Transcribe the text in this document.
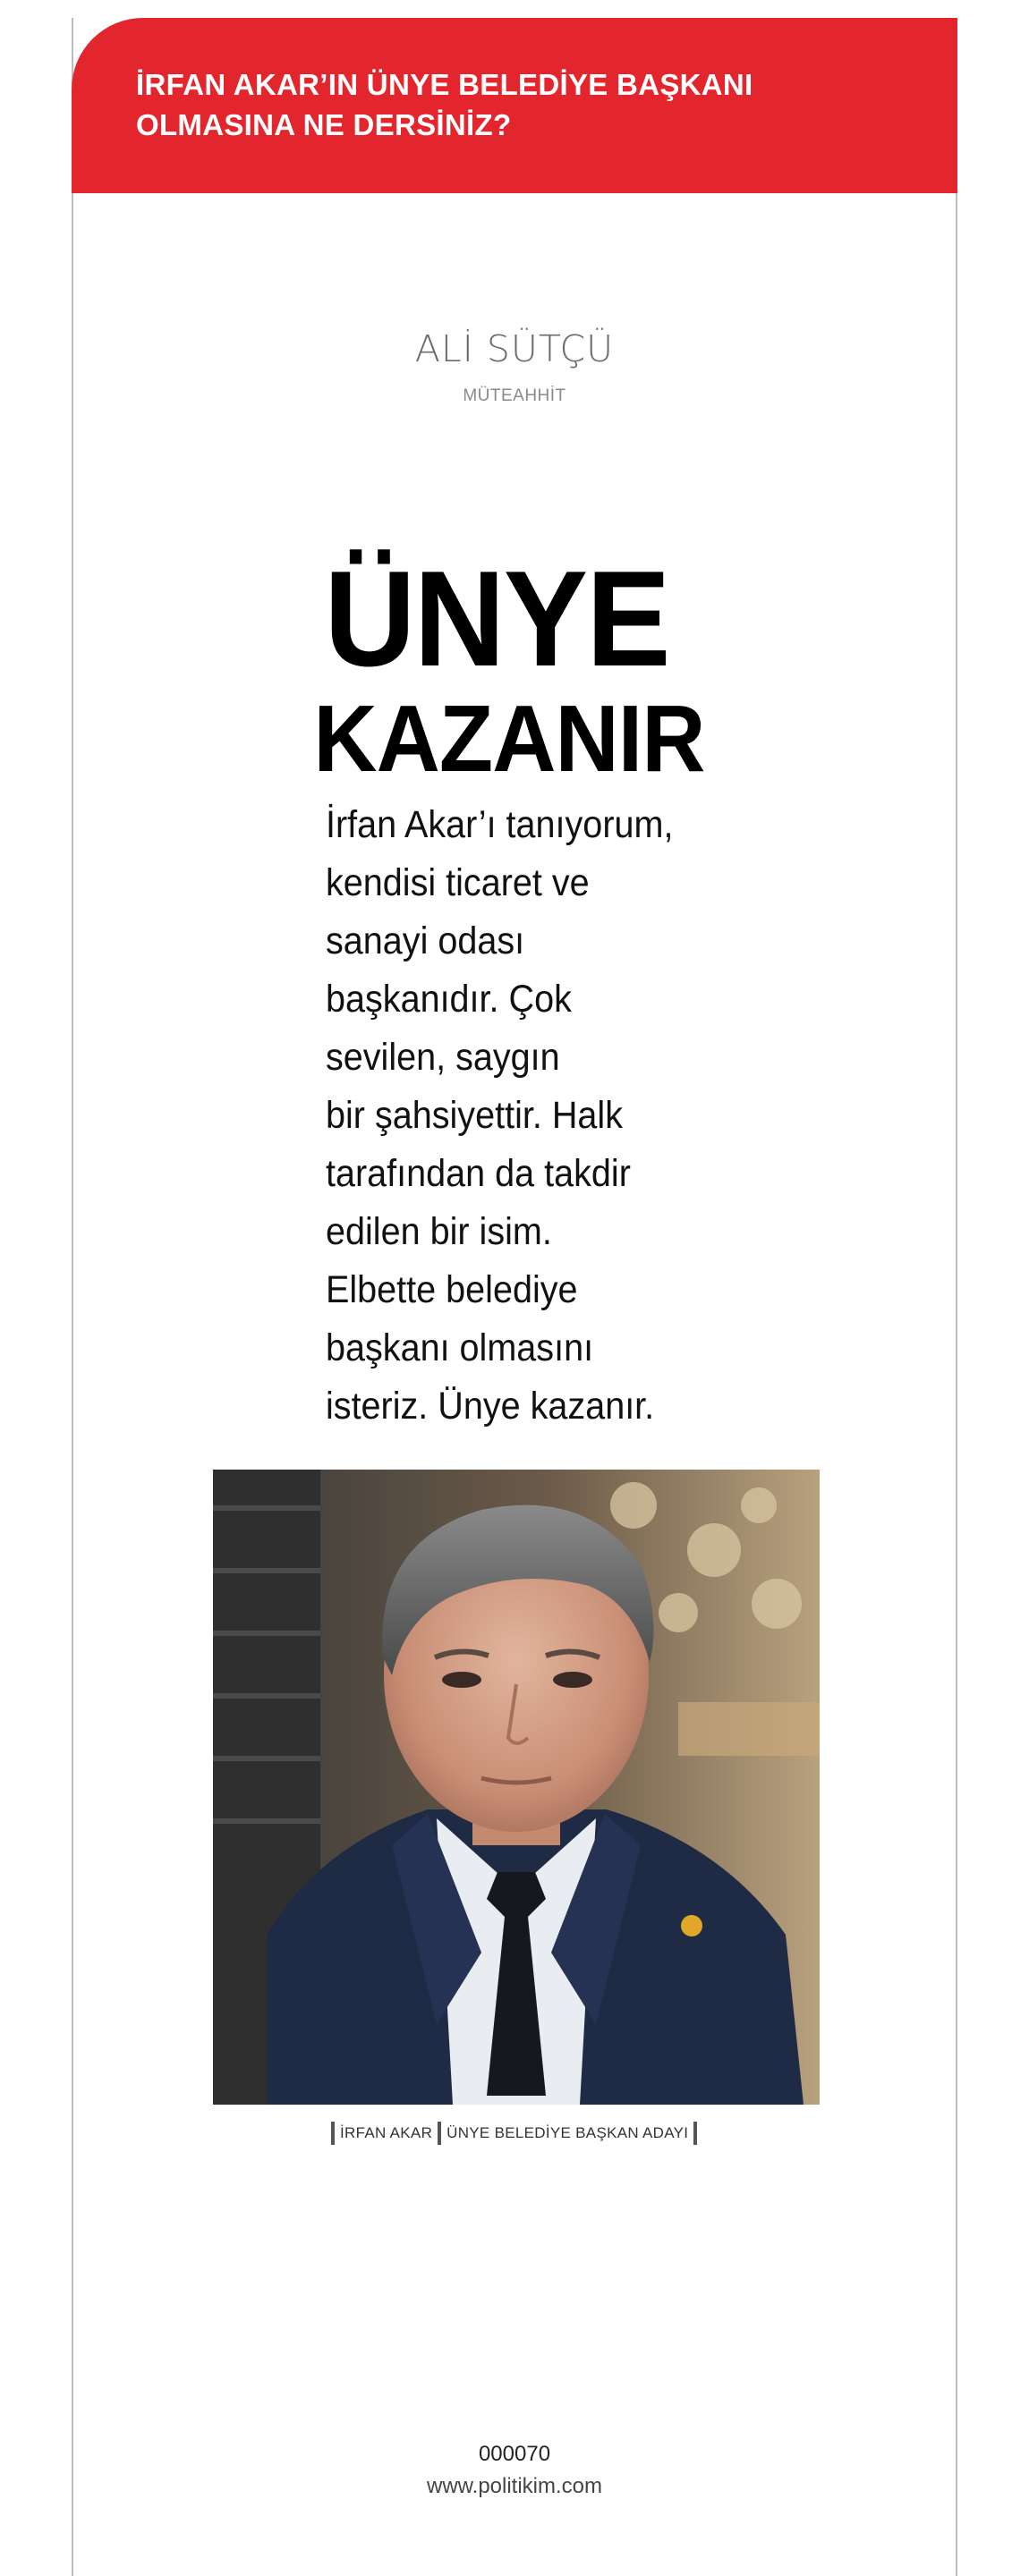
İRFAN AKAR’IN ÜNYE BELEDİYE BAŞKANI
OLMASINA NE DERSİNİZ?
ALİ SÜTÇÜ
MÜTEAHHİT
ÜNYE
KAZANIR
İrfan Akar’ı tanıyorum,
kendisi ticaret ve
sanayi odası
başkanıdır. Çok
sevilen, saygın
bir şahsiyettir. Halk
tarafından da takdir
edilen bir isim.
Elbette belediye
başkanı olmasını
isteriz. Ünye kazanır.
İRFAN AKAR ÜNYE BELEDİYE BAŞKAN ADAYI
000070
www.politikim.com
